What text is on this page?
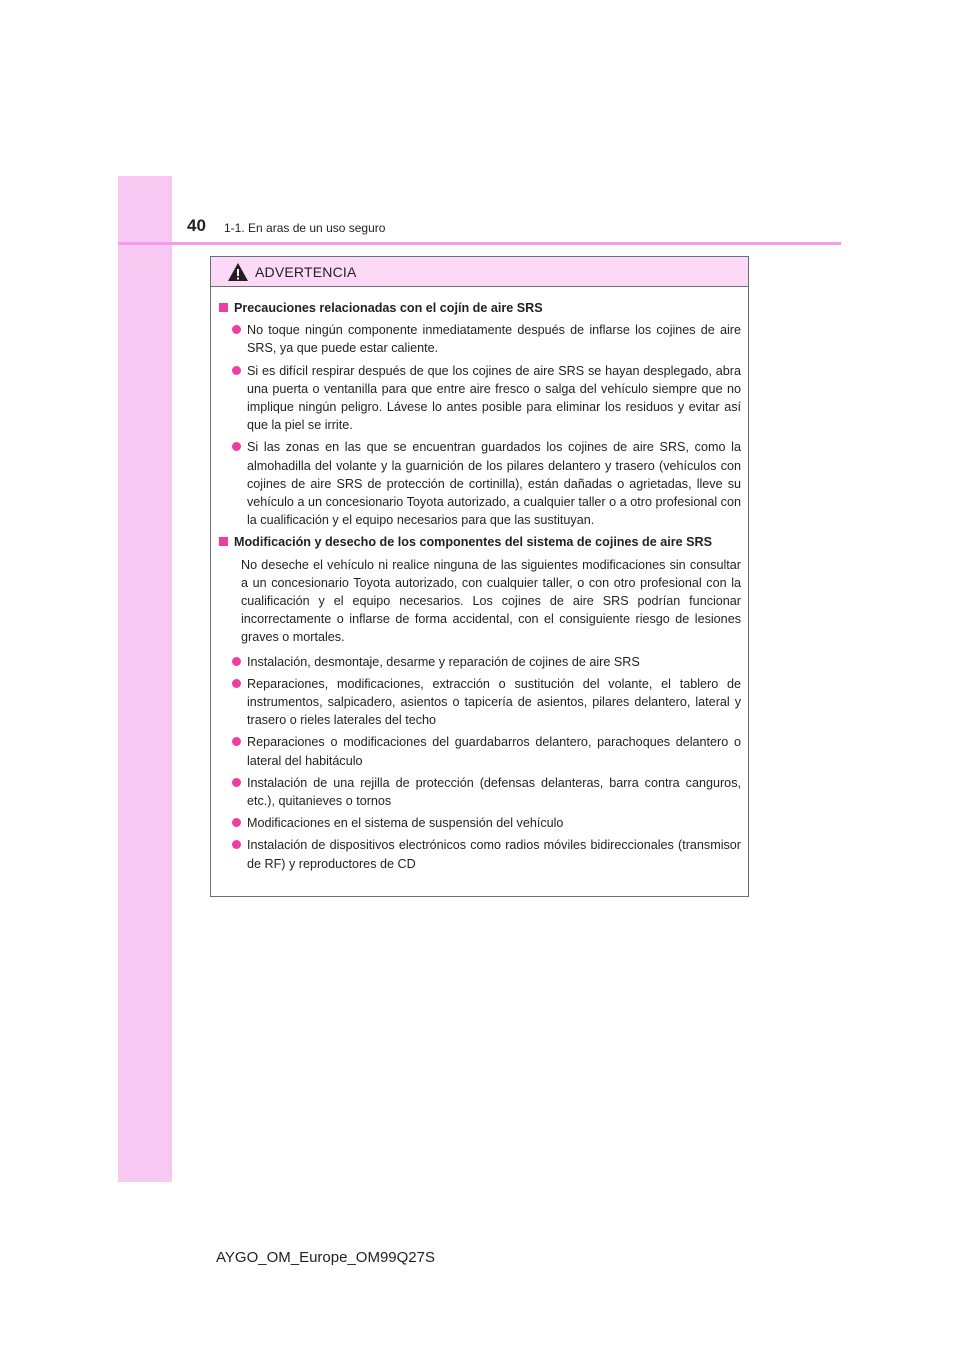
40 1-1. En aras de un uso seguro
ADVERTENCIA
Precauciones relacionadas con el cojín de aire SRS
No toque ningún componente inmediatamente después de inflarse los cojines de aire SRS, ya que puede estar caliente.
Si es difícil respirar después de que los cojines de aire SRS se hayan desplegado, abra una puerta o ventanilla para que entre aire fresco o salga del vehículo siempre que no implique ningún peligro. Lávese lo antes posible para eliminar los residuos y evitar así que la piel se irrite.
Si las zonas en las que se encuentran guardados los cojines de aire SRS, como la almohadilla del volante y la guarnición de los pilares delantero y trasero (vehículos con cojines de aire SRS de protección de cortinilla), están dañadas o agrietadas, lleve su vehículo a un concesionario Toyota autorizado, a cualquier taller o a otro profesional con la cualificación y el equipo necesarios para que las sustituyan.
Modificación y desecho de los componentes del sistema de cojines de aire SRS
No deseche el vehículo ni realice ninguna de las siguientes modificaciones sin consultar a un concesionario Toyota autorizado, con cualquier taller, o con otro profesional con la cualificación y el equipo necesarios. Los cojines de aire SRS podrían funcionar incorrectamente o inflarse de forma accidental, con el consiguiente riesgo de lesiones graves o mortales.
Instalación, desmontaje, desarme y reparación de cojines de aire SRS
Reparaciones, modificaciones, extracción o sustitución del volante, el tablero de instrumentos, salpicadero, asientos o tapicería de asientos, pilares delantero, lateral y trasero o rieles laterales del techo
Reparaciones o modificaciones del guardabarros delantero, parachoques delantero o lateral del habitáculo
Instalación de una rejilla de protección (defensas delanteras, barra contra canguros, etc.), quitanieves o tornos
Modificaciones en el sistema de suspensión del vehículo
Instalación de dispositivos electrónicos como radios móviles bidireccionales (transmisor de RF) y reproductores de CD
AYGO_OM_Europe_OM99Q27S
